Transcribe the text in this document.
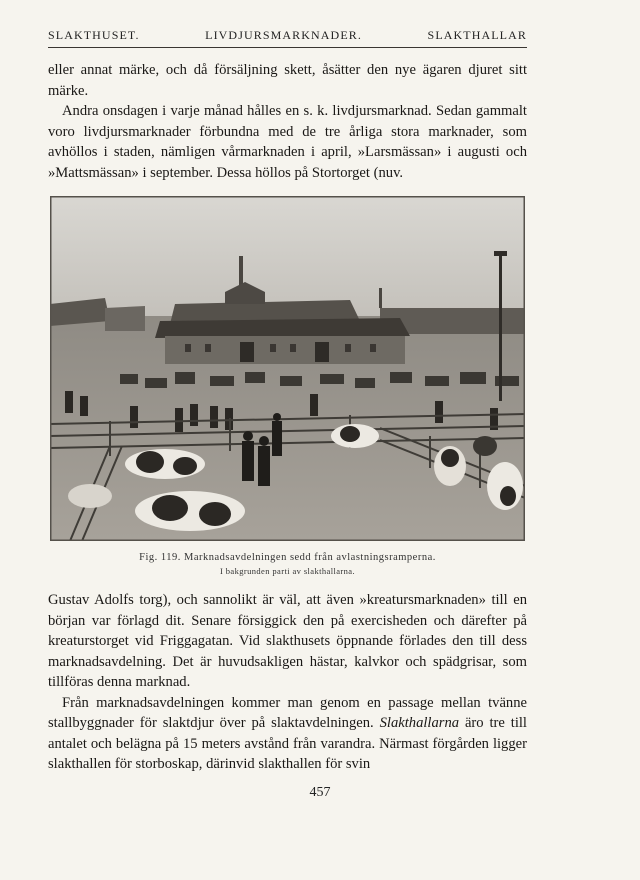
SLAKTHUSET.	LIVDJURSMARKNADER.	SLAKTHALLAR

eller annat märke, och då försäljning skett, åsätter den nye ägaren djuret sitt märke.

Andra onsdagen i varje månad hålles en s. k. livdjursmarknad. Sedan gammalt voro livdjursmarknader förbundna med de tre årliga stora marknader, som avhöllos i staden, nämligen vårmarknaden i april, »Larsmässan» i augusti och »Mattsmässan» i september. Dessa höllos på Stortorget (nuv.

Fig. 119. Marknadsavdelningen sedd från avlastningsramperna.
I bakgrunden parti av slakthallarna.

Gustav Adolfs torg), och sannolikt är väl, att även »kreatursmarknaden» till en början var förlagd dit. Senare försiggick den på exercisheden och därefter på kreaturstorget vid Friggagatan. Vid slakthusets öppnande förlades den till dess marknadsavdelning. Det är huvudsakligen hästar, kalvkor och spädgrisar, som tillföras denna marknad.

Från marknadsavdelningen kommer man genom en passage mellan tvänne stallbyggnader för slaktdjur över på slaktavdelningen. Slakthallarna äro tre till antalet och belägna på 15 meters avstånd från varandra. Närmast förgården ligger slakthallen för storboskap, därinvid slakthallen för svin

457
